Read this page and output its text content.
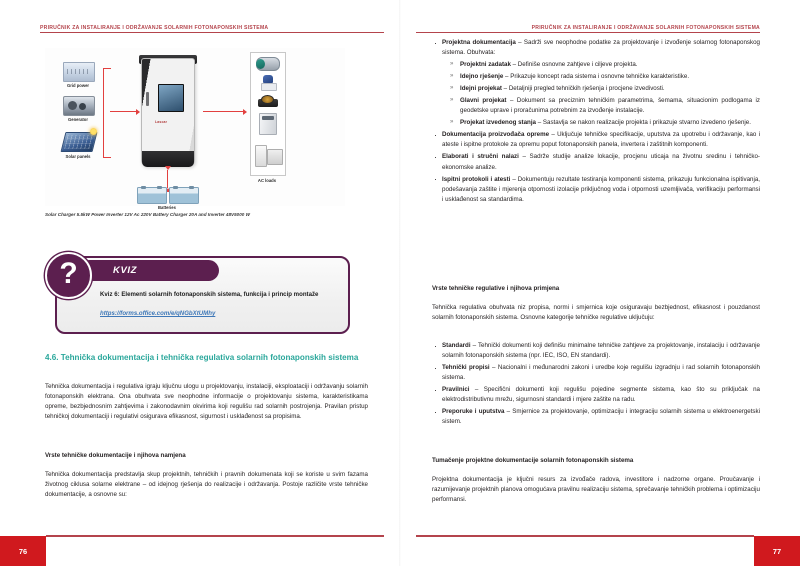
PRIRUČNIK ZA INSTALIRANJE I ODRŽAVANJE SOLARNIH FOTONAPONSKIH SISTEMA
Grid power
Generator
Solar panels
Lascar
AC loads
Batteries
Solar Charger 5.5kW Power Inverter 12V Ac 220V Battery Charger 20A and Inverter 48V5000 W
KVIZ
?
Kviz 6: Elementi solarnih fotonaponskih sistema, funkcija i princip montaže
https://forms.office.com/e/qNGbXtUMhy
4.6. Tehnička dokumentacija i tehnička regulativa solarnih fotonaponskih sistema
Tehnička dokumentacija i regulativa igraju ključnu ulogu u projektovanju, instalaciji, eksploataciji i održavanju solarnih fotonaponskih elektrana. Ona obuhvata sve neophodne informacije o projektovanju sistema, karakteristikama opreme, bezbjednosnim zahtjevima i zakonodavnim okvirima koji regulišu rad solarnih postrojenja. Pravilan pristup tehničkoj dokumentaciji i regulativi osigurava efikasnost, sigurnost i usklađenost sa propisima.
Vrste tehničke dokumentacije i njihova namjena
Tehnička dokumentacija predstavlja skup projektnih, tehničkih i pravnih dokumenata koji se koriste u svim fazama životnog ciklusa solarne elektrane – od idejnog rješenja do realizacije i održavanja. Postoje različite vrste tehničke dokumentacije, a osnovne su:
76
PRIRUČNIK ZA INSTALIRANJE I ODRŽAVANJE SOLARNIH FOTONAPONSKIH SISTEMA
· Projektna dokumentacija – Sadrži sve neophodne podatke za projektovanje i izvođenje solarnog fotonaponskog sistema. Obuhvata:
» Projektni zadatak – Definiše osnovne zahtjeve i ciljeve projekta.
» Idejno rješenje – Prikazuje koncept rada sistema i osnovne tehničke karakteristike.
» Idejni projekat – Detaljniji pregled tehničkih rješenja i procjene izvedivosti.
» Glavni projekat – Dokument sa preciznim tehničkim parametrima, šemama, situacionim podlogama iz geodetske uprave i proračunima potrebnim za izvođenje instalacije.
» Projekat izvedenog stanja – Sastavlja se nakon realizacije projekta i prikazuje stvarno izvedeno rješenje.
· Dokumentacija proizvođača opreme – Uključuje tehničke specifikacije, uputstva za upotrebu i održavanje, kao i ateste i ispitne protokole za opremu poput fotonaponskih panela, invertera i zaštitnih komponenti.
· Elaborati i stručni nalazi – Sadrže studije analize lokacije, procjenu uticaja na životnu sredinu i tehničko-ekonomske analize.
· Ispitni protokoli i atesti – Dokumentuju rezultate testiranja komponenti sistema, prikazuju funkcionalna ispitivanja, podešavanja zaštite i mjerenja otpornosti izolacije priključnog voda i otpornosti uzemljivača, verifikaciju performansi i usklađenost sa standardima.
Vrste tehničke regulative i njihova primjena
Tehnička regulativa obuhvata niz propisa, normi i smjernica koje osiguravaju bezbjednost, efikasnost i pouzdanost solarnih fotonaponskih sistema. Osnovne kategorije tehničke regulative uključuju:
· Standardi – Tehnički dokumenti koji definišu minimalne tehničke zahtjeve za projektovanje, instalaciju i održavanje solarnih fotonaponskih sistema (npr. IEC, ISO, EN standardi).
· Tehnički propisi – Nacionalni i međunarodni zakoni i uredbe koje regulišu izgradnju i rad solarnih fotonaponskih sistema.
· Pravilnici – Specifični dokumenti koji regulišu pojedine segmente sistema, kao što su priključak na elektrodistributivnu mrežu, sigurnosni standardi i mjere zaštite na radu.
· Preporuke i uputstva – Smjernice za projektovanje, optimizaciju i integraciju solarnih sistema u elektroenergetski sistem.
Tumačenje projektne dokumentacije solarnih fotonaponskih sistema
Projektna dokumentacija je ključni resurs za izvođače radova, investitore i nadzorne organe. Proučavanje i razumijevanje projektnih planova omogućava pravilnu realizaciju sistema, sprečavanje tehničkih problema i optimizaciju performansi.
77
